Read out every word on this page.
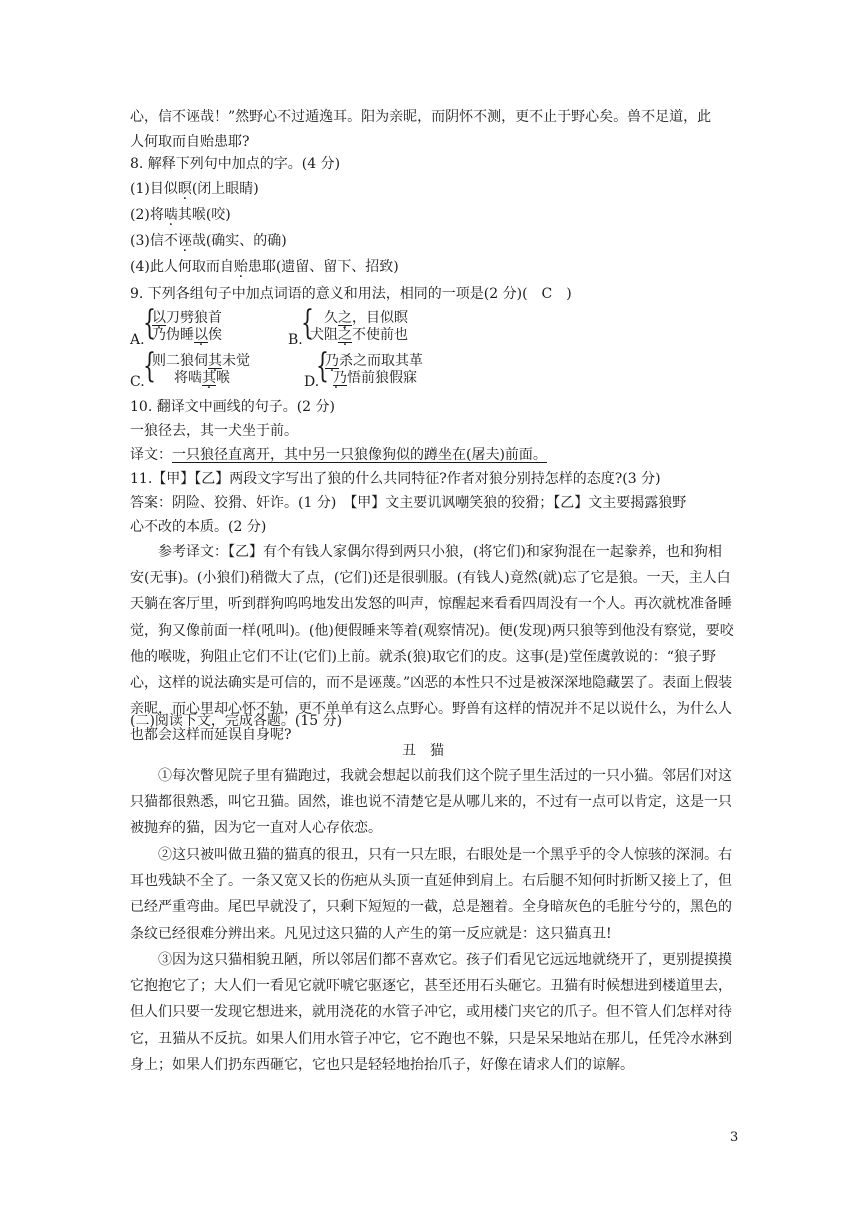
心，信不诬哉！”然野心不过遁逸耳。阳为亲昵，而阴怀不测，更不止于野心矣。兽不足道，此
人何取而自贻患耶?
8. 解释下列句中加点的字。(4 分)
(1)目似瞑(闭上眼睛)
(2)将啮其喉(咬)
(3)信不诬哉(确实、的确)
(4)此人何取而自贻患耶(遗留、留下、招致)
9. 下列各组句子中加点词语的意义和用法，相同的一项是(2 分)(　C　)
A.
{
以刀劈狼首
乃伪睡以俟	B.
{ 久之，目似瞑
犬阻之不使前也
C.
{
则二狼伺其未觉
将啮其喉	D.
{
乃杀之而取其革
乃悟前狼假寐
10. 翻译文中画线的句子。(2 分)
一狼径去，其一犬坐于前。
译文：一只狼径直离开，其中另一只狼像狗似的蹲坐在(屠夫)前面。
11.【甲】【乙】两段文字写出了狼的什么共同特征?作者对狼分别持怎样的态度?(3 分)
答案：阴险、狡猾、奸诈。(1 分)　【甲】文主要讥讽嘲笑狼的狡猾；【乙】文主要揭露狼野
心不改的本质。(2 分)
参考译文：【乙】有个有钱人家偶尔得到两只小狼，(将它们)和家狗混在一起豢养，也和狗相安(无事)。(小狼们)稍微大了点，(它们)还是很驯服。(有钱人)竟然(就)忘了它是狼。一天，主人白天躺在客厅里，听到群狗呜呜地发出发怒的叫声，惊醒起来看看四周没有一个人。再次就枕准备睡觉，狗又像前面一样(吼叫)。(他)便假睡来等着(观察情况)。便(发现)两只狼等到他没有察觉，要咬他的喉咙，狗阻止它们不让(它们)上前。就杀(狼)取它们的皮。这事(是)堂侄虞敦说的：“狼子野心，这样的说法确实是可信的，而不是诬蔑。”凶恶的本性只不过是被深深地隐藏罢了。表面上假装亲昵，而心里却心怀不轨，更不单单有这么点野心。野兽有这样的情况并不足以说什么，为什么人也都会这样而延误自身呢?
(二)阅读下文，完成各题。(15 分)
丑猫
①每次瞥见院子里有猫跑过，我就会想起以前我们这个院子里生活过的一只小猫。邻居们对这只猫都很熟悉，叫它丑猫。固然，谁也说不清楚它是从哪儿来的，不过有一点可以肯定，这是一只被抛弃的猫，因为它一直对人心存依恋。
②这只被叫做丑猫的猫真的很丑，只有一只左眼，右眼处是一个黑乎乎的令人惊骇的深洞。右耳也残缺不全了。一条又宽又长的伤疤从头顶一直延伸到肩上。右后腿不知何时折断又接上了，但已经严重弯曲。尾巴早就没了，只剩下短短的一截，总是翘着。全身暗灰色的毛脏兮兮的，黑色的条纹已经很难分辨出来。凡见过这只猫的人产生的第一反应就是：这只猫真丑!
③因为这只猫相貌丑陋，所以邻居们都不喜欢它。孩子们看见它远远地就绕开了，更别提摸摸它抱抱它了；大人们一看见它就吓唬它驱逐它，甚至还用石头砸它。丑猫有时候想进到楼道里去，但人们只要一发现它想进来，就用浇花的水管子冲它，或用楼门夹它的爪子。但不管人们怎样对待它，丑猫从不反抗。如果人们用水管子冲它，它不跑也不躲，只是呆呆地站在那儿，任凭冷水淋到身上；如果人们扔东西砸它，它也只是轻轻地抬抬爪子，好像在请求人们的谅解。
3
